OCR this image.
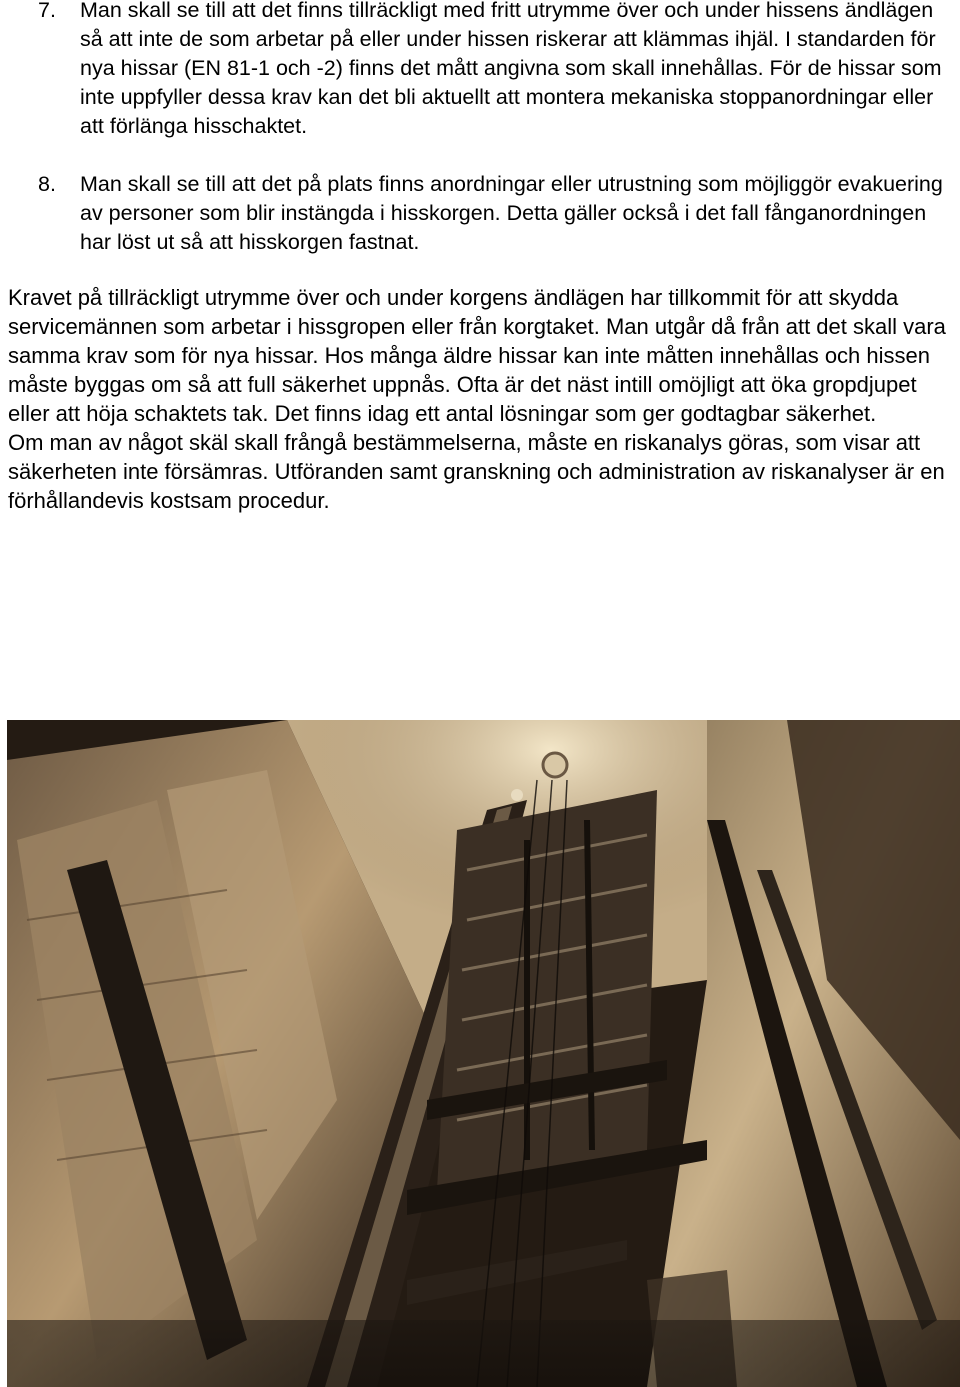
7.	Man skall se till att det finns tillräckligt med fritt utrymme över och under hissens ändlägen så att inte de som arbetar på eller under hissen riskerar att klämmas ihjäl. I standarden för nya hissar (EN 81-1 och -2) finns det mått angivna som skall innehållas. För de hissar som inte uppfyller dessa krav kan det bli aktuellt att montera mekaniska stoppanordningar eller att förlänga hisschaktet.
8.	Man skall se till att det på plats finns anordningar eller utrustning som möjliggör evakuering av personer som blir instängda i hisskorgen. Detta gäller också i det fall fånganordningen har löst ut så att hisskorgen fastnat.

Kravet på tillräckligt utrymme över och under korgens ändlägen har tillkommit för att skydda servicemännen som arbetar i hissgropen eller från korgtaket. Man utgår då från att det skall vara samma krav som för nya hissar. Hos många äldre hissar kan inte måtten innehållas och hissen måste byggas om så att full säkerhet uppnås. Ofta är det näst intill omöjligt att öka gropdjupet eller att höja schaktets tak. Det finns idag ett antal lösningar som ger godtagbar säkerhet.

Om man av något skäl skall frångå bestämmelserna, måste en riskanalys göras, som visar att säkerheten inte försämras. Utföranden samt granskning och administration av riskanalyser är en förhållandevis kostsam procedur.
